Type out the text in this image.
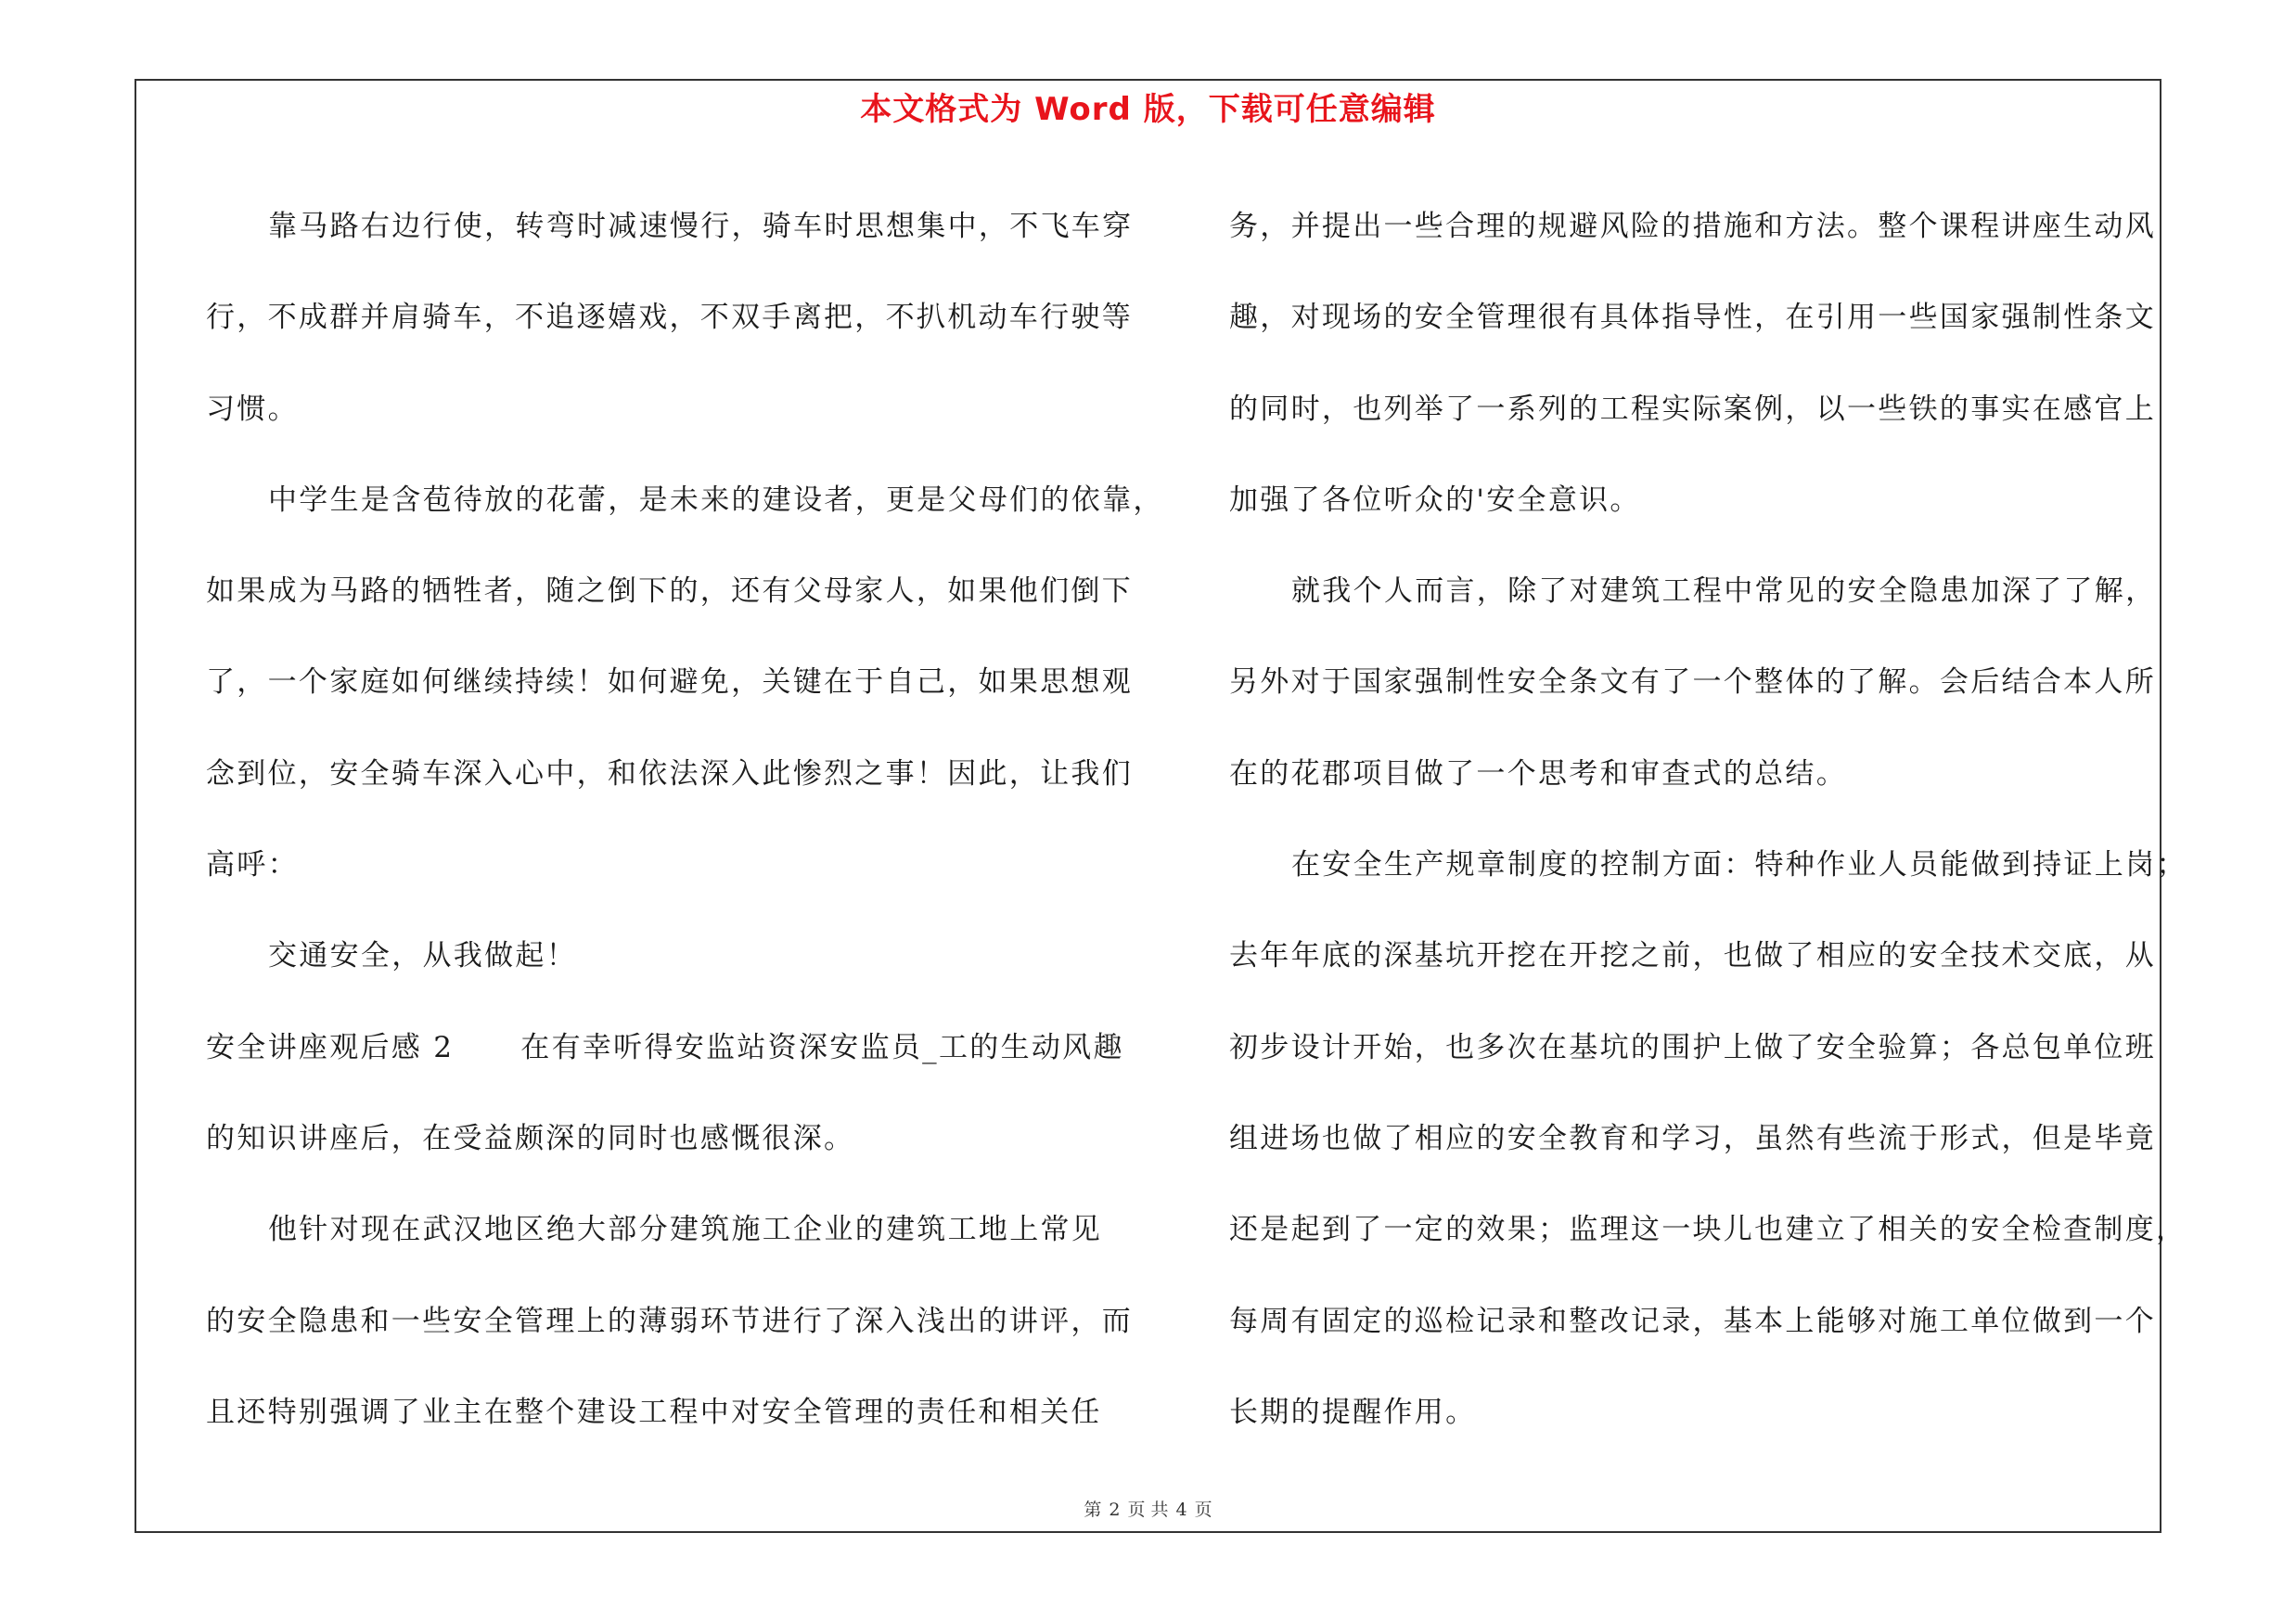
本文格式为 Word 版，下载可任意编辑
靠马路右边行使，转弯时减速慢行，骑车时思想集中，不飞车穿
行，不成群并肩骑车，不追逐嬉戏，不双手离把，不扒机动车行驶等
习惯。
中学生是含苞待放的花蕾，是未来的建设者，更是父母们的依靠，
如果成为马路的牺牲者，随之倒下的，还有父母家人，如果他们倒下
了，一个家庭如何继续持续！如何避免，关键在于自己，如果思想观
念到位，安全骑车深入心中，和依法深入此惨烈之事！因此，让我们
高呼：
交通安全，从我做起！
安全讲座观后感 2 在有幸听得安监站资深安监员_工的生动风趣
的知识讲座后，在受益颇深的同时也感慨很深。
他针对现在武汉地区绝大部分建筑施工企业的建筑工地上常见
的安全隐患和一些安全管理上的薄弱环节进行了深入浅出的讲评，而
且还特别强调了业主在整个建设工程中对安全管理的责任和相关任
务，并提出一些合理的规避风险的措施和方法。整个课程讲座生动风
趣，对现场的安全管理很有具体指导性，在引用一些国家强制性条文
的同时，也列举了一系列的工程实际案例，以一些铁的事实在感官上
加强了各位听众的'安全意识。
就我个人而言，除了对建筑工程中常见的安全隐患加深了了解，
另外对于国家强制性安全条文有了一个整体的了解。会后结合本人所
在的花郡项目做了一个思考和审查式的总结。
在安全生产规章制度的控制方面：特种作业人员能做到持证上岗；
去年年底的深基坑开挖在开挖之前，也做了相应的安全技术交底，从
初步设计开始，也多次在基坑的围护上做了安全验算；各总包单位班
组进场也做了相应的安全教育和学习，虽然有些流于形式，但是毕竟
还是起到了一定的效果；监理这一块儿也建立了相关的安全检查制度，
每周有固定的巡检记录和整改记录，基本上能够对施工单位做到一个
长期的提醒作用。
第 2 页 共 4 页
